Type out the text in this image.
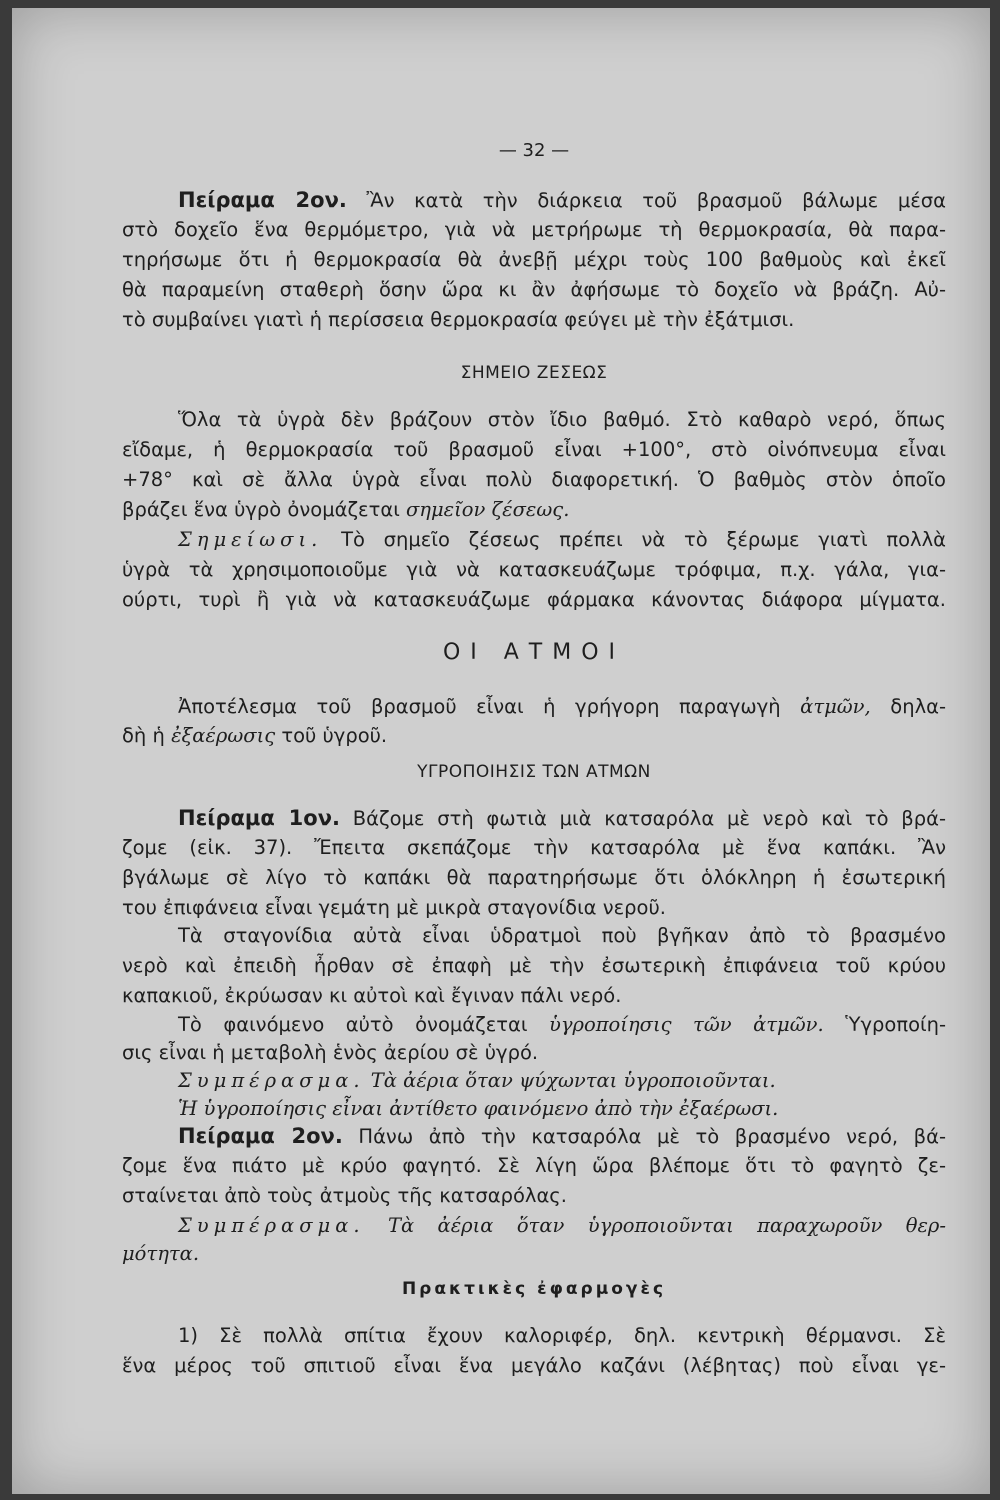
— 32 —
Πείραμα 2ον. Ἂν κατὰ τὴν διάρκεια τοῦ βρασμοῦ βάλωμε μέσα
στὸ δοχεῖο ἕνα θερμόμετρο, γιὰ νὰ μετρήρωμε τὴ θερμοκρασία, θὰ παρα-
τηρήσωμε ὅτι ἡ θερμοκρασία θὰ ἀνεβῇ μέχρι τοὺς 100 βαθμοὺς καὶ ἐκεῖ
θὰ παραμείνη σταθερὴ ὅσην ὥρα κι ἂν ἀφήσωμε τὸ δοχεῖο νὰ βράζη. Αὐ-
τὸ συμβαίνει γιατὶ ἡ περίσσεια θερμοκρασία φεύγει μὲ τὴν ἐξάτμισι.
ΣΗΜΕΙΟ ΖΕΣΕΩΣ
Ὅλα τὰ ὑγρὰ δὲν βράζουν στὸν ἴδιο βαθμό. Στὸ καθαρὸ νερό, ὅπως
εἴδαμε, ἡ θερμοκρασία τοῦ βρασμοῦ εἶναι +100°, στὸ οἰνόπνευμα εἶναι
+78° καὶ σὲ ἄλλα ὑγρὰ εἶναι πολὺ διαφορετική. Ὁ βαθμὸς στὸν ὁποῖο
βράζει ἕνα ὑγρὸ ὀνομάζεται σημεῖον ζέσεως.
Σημείωσι. Τὸ σημεῖο ζέσεως πρέπει νὰ τὸ ξέρωμε γιατὶ πολλὰ
ὑγρὰ τὰ χρησιμοποιοῦμε γιὰ νὰ κατασκευάζωμε τρόφιμα, π.χ. γάλα, για-
ούρτι, τυρὶ ἢ γιὰ νὰ κατασκευάζωμε φάρμακα κάνοντας διάφορα μίγματα.
ΟΙ ΑΤΜΟΙ
Ἀποτέλεσμα τοῦ βρασμοῦ εἶναι ἡ γρήγορη παραγωγὴ ἀτμῶν, δηλα-
δὴ ἡ ἐξαέρωσις τοῦ ὑγροῦ.
ΥΓΡΟΠΟΙΗΣΙΣ ΤΩΝ ΑΤΜΩΝ
Πείραμα 1ον. Βάζομε στὴ φωτιὰ μιὰ κατσαρόλα μὲ νερὸ καὶ τὸ βρά-
ζομε (εἰκ. 37). Ἔπειτα σκεπάζομε τὴν κατσαρόλα μὲ ἕνα καπάκι. Ἂν
βγάλωμε σὲ λίγο τὸ καπάκι θὰ παρατηρήσωμε ὅτι ὁλόκληρη ἡ ἐσωτερική
του ἐπιφάνεια εἶναι γεμάτη μὲ μικρὰ σταγονίδια νεροῦ.
Τὰ σταγονίδια αὐτὰ εἶναι ὑδρατμοὶ ποὺ βγῆκαν ἀπὸ τὸ βρασμένο
νερὸ καὶ ἐπειδὴ ἦρθαν σὲ ἐπαφὴ μὲ τὴν ἐσωτερικὴ ἐπιφάνεια τοῦ κρύου
καπακιοῦ, ἐκρύωσαν κι αὐτοὶ καὶ ἔγιναν πάλι νερό.
Τὸ φαινόμενο αὐτὸ ὀνομάζεται ὑγροποίησις τῶν ἀτμῶν. Ὑγροποίη-
σις εἶναι ἡ μεταβολὴ ἑνὸς ἀερίου σὲ ὑγρό.
Συμπέρασμα. Τὰ ἀέρια ὅταν ψύχωνται ὑγροποιοῦνται.
Ἡ ὑγροποίησις εἶναι ἀντίθετο φαινόμενο ἀπὸ τὴν ἐξαέρωσι.
Πείραμα 2ον. Πάνω ἀπὸ τὴν κατσαρόλα μὲ τὸ βρασμένο νερό, βά-
ζομε ἕνα πιάτο μὲ κρύο φαγητό. Σὲ λίγη ὥρα βλέπομε ὅτι τὸ φαγητὸ ζε-
σταίνεται ἀπὸ τοὺς ἀτμοὺς τῆς κατσαρόλας.
Συμπέρασμα. Τὰ ἀέρια ὅταν ὑγροποιοῦνται παραχωροῦν θερ-
μότητα.
Πρακτικὲς ἐφαρμογὲς
1) Σὲ πολλὰ σπίτια ἔχουν καλοριφέρ, δηλ. κεντρικὴ θέρμανσι. Σὲ
ἕνα μέρος τοῦ σπιτιοῦ εἶναι ἕνα μεγάλο καζάνι (λέβητας) ποὺ εἶναι γε-
